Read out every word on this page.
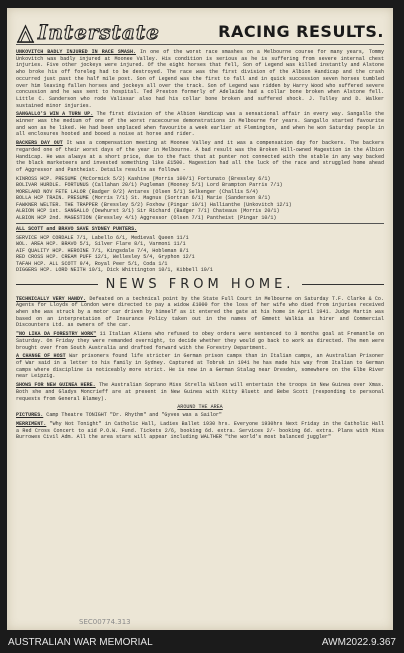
Interstate	RACING RESULTS.

UNKOVITCH BADLY INJURED IN RACE SMASH. In one of the worst race smashes on a Melbourne course for many years, Tommy Unkovitch was badly injured at Moonee Valley. His condition is serious as he is suffering from severe internal chest injuries. Five other jockeys were injured. Of the eight horses that fell, Son of Legend was killed instantly and Alstone who broke his off foreleg had to be destroyed. The race was the first division of the Albion Handicap and the crash occurred just past the half mile post. Son of Legend was the first to fall and in quick succession seven horses tumbled over him leaving fallen horses and jockeys all over the track. Son of Legend was ridden by Harry Wood who suffered severe concussion and he was sent to hospital. Ted Preston formerly of Adelaide had a collar bone broken when Alstone fell. Little C. Sanderson who rode Valissar also had his collar bone broken and suffered shock. J. Tulley and D. Walker sustained minor injuries.

SANGALLO'S WIN A TURN UP. The first division of the Albion Handicap was a sensational affair in every way. Sangallo the winner was the medium of one of the worst racecourse demonstrations in Melbourne for years. Sangallo started favourite and won as he liked. He had been unplaced when favourite a week earlier at Flemington, and when he won Saturday people in all enclosures hooted and booed a noise at horse and rider.

BACKERS DAY OUT It was a compensation meeting at Moonee Valley and it was a compensation day for backers. The backers regarded one of their worst days of the year in Melbourne. A bad result was the Broken Hill-owned Magestion in the Albion Handicap. He was always at a short price, due to the fact that at punter not connected with the stable in any way backed the black marketeers and invested something like £1500. Magestion had all the luck of the race and struggled home ahead of Aggressor and Pantheist. Details results as follows -

KINROSS HCP. PRESUME (McCormick 5/2) Kashine (Morris 100/1) Fortunato (Bressley 6/1)
BOLIVAR HURDLE. FORTUNUS (Callahan 20/1) Pugleman (Mooney 5/1) Lord Brampton Parris 7/1)
MORELAND NOV FETE LALOR (Badger 9/2) Antares (Olsen 5/1) Selkenger (Challis 5/4)
BOLLA HCP TRAIN. PRESUME (Morris 7/1) St. Magnus (Sortran 6/1) Marie (Sanderson 8/1)
FAWKNER WELTER. THE TRAPPER (Bressley 5/2) Foxhow (Pingar 10/1) Hallianthe (Unkovitch 12/1)
ALBION HCP 1st. SANGALLO (Dewhurst 3/1) Sir Richard (Badger 7/1) Chateaus (Morris 20/1)
ALBION HCP 2nd. MAGESTION (Bressley 4/1) Aggressor (Olsen 7/1) Pantheist (Pingar 10/1)
ALL SCOTT and BRAVO SAVE SYDNEY PUNTERS.
SERVICE HCP CORDALE 7/1, Labello 6/1, Medieval Queen 11/1
WOL. AREA HCP. BRAVO 5/1, Silver Flare 8/1, Varmoni 11/1
AIF QUALITY HCP. HEROINE 7/1, Kingsdale 7/4, Hobleman 8/1
RED CROSS HCP. CREAM PUFF 12/1, Wellesley 5/4, Gryphon 12/1
TAFAH HCP. ALL SCOTT 9/4, Royal Peer 5/1, Coda 1/1
DIGGERS HCP. LORD NEITH 10/1, Dick Whittington 10/1, Kibbell 10/1
NEWS FROM HOME.

TECHNICALLY VERY HANDY. Defeated on a technical point by the State Full Court in Melbourne on Saturday T.F. Clarke & Co. Agents for Lloyds of London were directed to pay a widow £1000 for the loss of her wife who died from injuries received when she was struck by a motor car driven by himself as it entered the gate at his home in April 1941. Judge Martin was based on an interpretation of Insurance Policy taken out in the names of Emmett Walkia as hirer and Commercial Discounters Ltd. as owners of the car.

"NO LIKA DA FORESTRY WORK" 11 Italian Aliens who refused to obey orders were sentenced to 3 months goal at Fremantle on Saturday. On Friday they were remanded overnight, to decide whether they would go back to work as directed. The men were brought over from South Australia and drafted forward with the Forestry Department.

A CHANGE OF HOST War prisoners found life stricter in German prison camps than in Italian camps, an Australian Prisoner of War said in a letter to his family in Sydney. Captured at Tobruk in 1941 he has made his way from Italian to German camps where discipline is noticeably more strict. He is now in a German Stalag near Dresden, somewhere on the Elbe River near Leipzig.

SHOWS FOR NEW GUINEA HERE. The Australian Soprano Miss Strella Wilson will entertain the troops in New Guinea over Xmas. Both she and Gladys Moncrieff are at present in New Guinea with Kitty Bluett and Bebe Scott (responding to personal requests from General Blamey).

AROUND THE AREA

PICTURES. Camp Theatre TONIGHT "Dr. Rhythm" and "Gyves was a Sailor"

MERRIMENT. "Why Not Tonight" in Catholic Hall, Ladies Ballet 1930 hrs. Everyone 1930hrs Next Friday in the Catholic Hall a Red Cross Concert to aid P.O.W. Fund. Tickets 2/6, booking 6d. extra. Services 2/- booking 6d. extra. Plans with Miss Burrowes Civil Adm. All the area stars will appear including WALTHER "the world's most balanced juggler"

SEC00774.313
AUSTRALIAN WAR MEMORIAL	AWM2022.9.367
